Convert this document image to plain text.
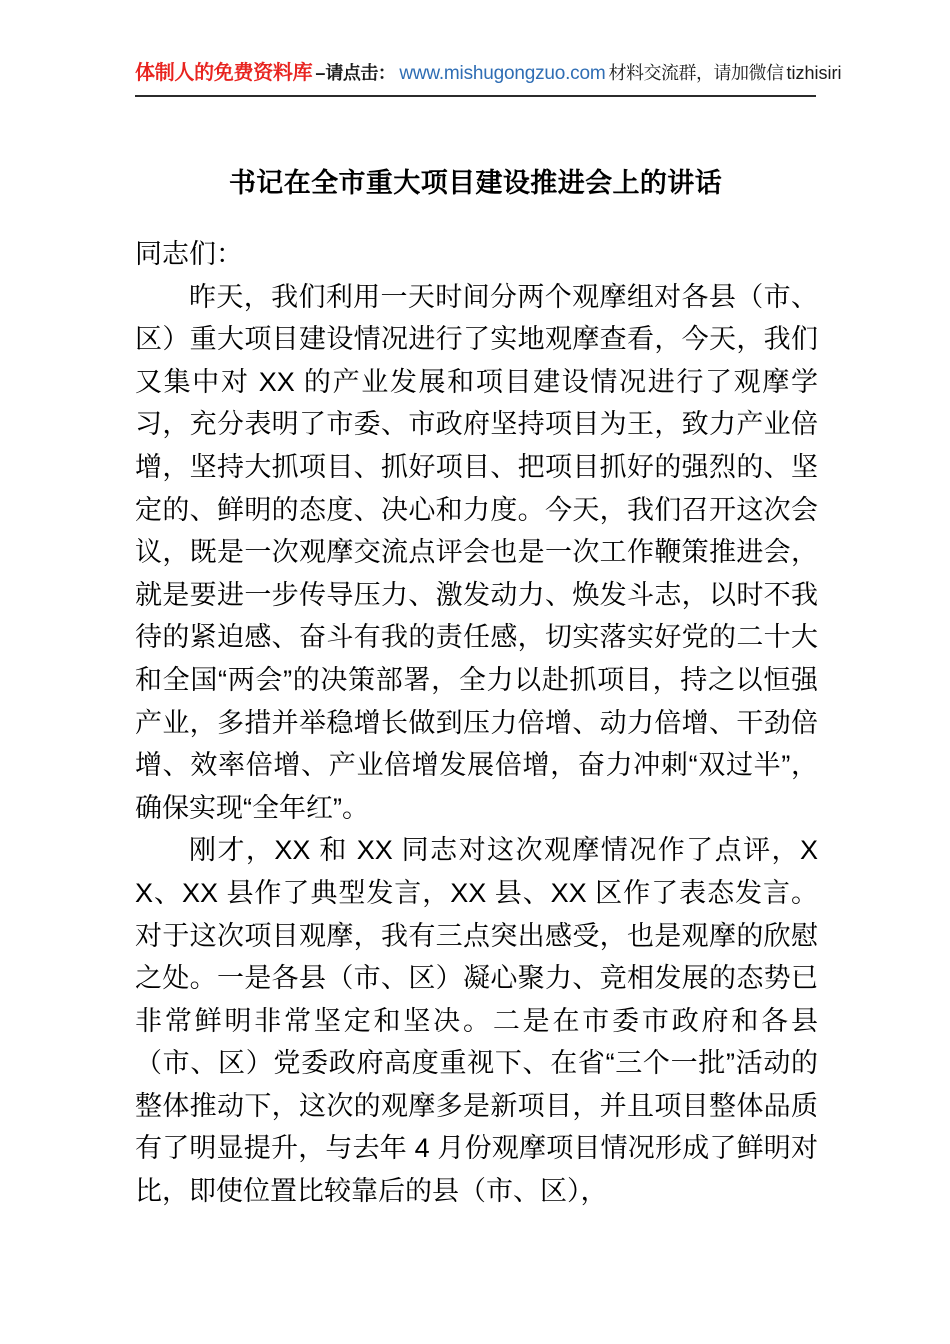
体制人的免费资料库 –请点击： www.mishugongzuo.com 材料交流群，请加微信 tizhisiri
书记在全市重大项目建设推进会上的讲话

同志们：

昨天，我们利用一天时间分两个观摩组对各县（市、区）重大项目建设情况进行了实地观摩查看，今天，我们又集中对 XX 的产业发展和项目建设情况进行了观摩学习，充分表明了市委、市政府坚持项目为王，致力产业倍增，坚持大抓项目、抓好项目、把项目抓好的强烈的、坚定的、鲜明的态度、决心和力度。今天，我们召开这次会议，既是一次观摩交流点评会也是一次工作鞭策推进会，就是要进一步传导压力、激发动力、焕发斗志，以时不我待的紧迫感、奋斗有我的责任感，切实落实好党的二十大和全国“两会”的决策部署，全力以赴抓项目，持之以恒强产业，多措并举稳增长做到压力倍增、动力倍增、干劲倍增、效率倍增、产业倍增发展倍增，奋力冲刺“双过半”，确保实现“全年红”。

刚才，XX 和 XX 同志对这次观摩情况作了点评，XX、XX 县作了典型发言，XX 县、XX 区作了表态发言。对于这次项目观摩，我有三点突出感受，也是观摩的欣慰之处。一是各县（市、区）凝心聚力、竞相发展的态势已非常鲜明非常坚定和坚决。二是在市委市政府和各县（市、区）党委政府高度重视下、在省“三个一批”活动的整体推动下，这次的观摩多是新项目，并且项目整体品质有了明显提升，与去年 4 月份观摩项目情况形成了鲜明对比，即使位置比较靠后的县（市、区），
